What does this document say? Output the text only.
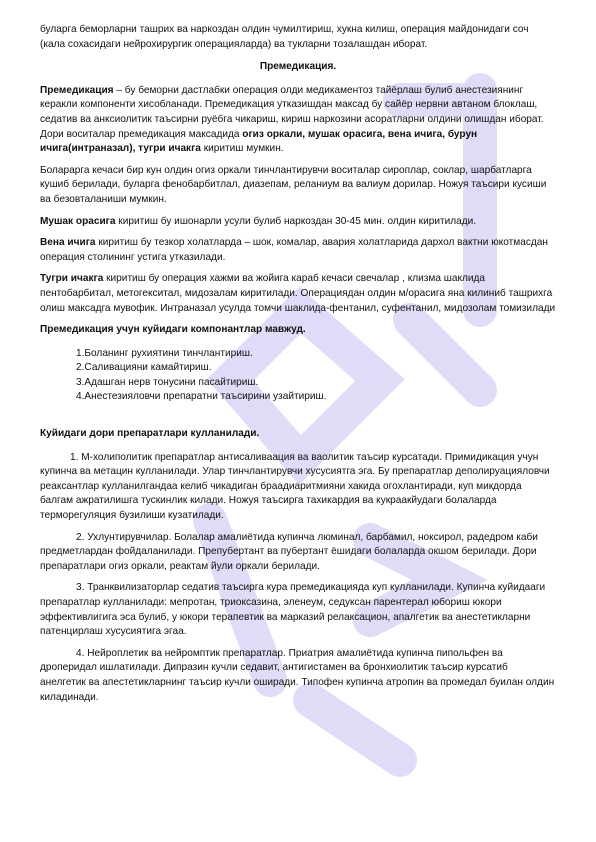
буларга беморларни ташрих ва наркоздан олдин чумилтириш, хукна килиш, операция майдонидаги соч (кала сохасидаги нейрохирургик операцияларда) ва тукларни тозалашдан иборат.

Премедикация.

Премедикация – бу беморни дастлабки операция олди медикаментоз тайёрлаш булиб анестезиянинг керакли компоненти хисобланади. Премедикация утказишдан максад бу сайёр нервни автаном блоклаш, седатив ва анксиолитик таъсирни руёбга чикариш, кириш наркозини асоратларни олдини олишдан иборат. Дори воситалар премедикация максадида огиз оркали, мушак орасига, вена ичига, бурун ичига(интраназал), тугри ичакга киритиш мумкин.

Боларарга кечаси бир кун олдин огиз оркали тинчлантирувчи воситалар сироплар, соклар, шарбатларга кушиб берилади, буларга фенобарбитлал, диазепам, реланиум ва валиум дорилар. Ножуя таъсири кусиши ва безовталаниши мумкин.

Мушак орасига киритиш бу ишонарли усули булиб наркоздан 30-45 мин. олдин киритилади.

Вена ичига киритиш бу тезкор холатларда – шок, комалар, авария холатларида дархол вактни юкотмасдан операция столининг устига утказилади.

Тугри ичакга киритиш бу операция хажми ва жойига караб кечаси свечалар , клизма шаклида пентобарбитал, метогекситал, мидозалам киритилади. Операциядан олдин м/орасига яна килиниб ташрихга олиш максадга мувофик. Интраназал усулда томчи шаклида-фентанил, суфентанил, мидозолам томизилади

Премедикация учун куйидаги компонантлар мавжуд.

1.Боланинг рухиятини тинчлантириш.
2.Саливацияни камайтириш.
3.Адашган нерв тонусини пасайтириш.
4.Анестезияловчи препаратни таъсирини узайтириш.

Куйидаги дори препаратлари кулланилади.

1. М-холиполитик препаратлар антисаливаация ва ваолитик таъсир курсатади. Примидикация учун купинча ва метацин кулланилади. Улар тинчлантирувчи хусусиятга эга. Бу препаратлар деполируацияловчи реаксантлар кулланилгандаа келиб чикадиган браадиаритмияни хакида огохлантиради, куп микдорда балгам ажратилишга тускинлик килади. Ножуя таъсирга тахикардия ва кукраакйудаги болаларда терморегуляция бузилиши кузатилади.

2. Ухлунтирувчилар. Болалар амалиётида купинча люминал, барбамил, ноксирол, радедром каби предметлардан фойдаланилади. Препубертант ва пубертант ёшидаги болаларда окшом берилади. Дори препаратлари огиз оркали, реактам йули оркали берилади.

3. Транквилизаторлар седатив таъсирга кура премедикацияда куп кулланилади. Купинча куйидааги препаратлар кулланилади: мепротан, триоксазина, эленеум, седуксан парентерал юбориш юкори эффективлигига эса булиб, у юкори терапевтик ва марказий релаксацион, апалгетик ва анестетикларни патенцирлаш хусусиятига эгаа.

4. Нейроплетик ва нейромптик препаратлар. Приатрия амалиётида купинча пипольфен ва дроперидал ишлатилади. Дипразин кучли седавит, антигистамен ва бронхиолитик таъсир курсатиб анелгетик ва апестетикларнинг таъсир кучли оширади. Типофен купинча атропин ва промедал буилан олдин киладинади.
